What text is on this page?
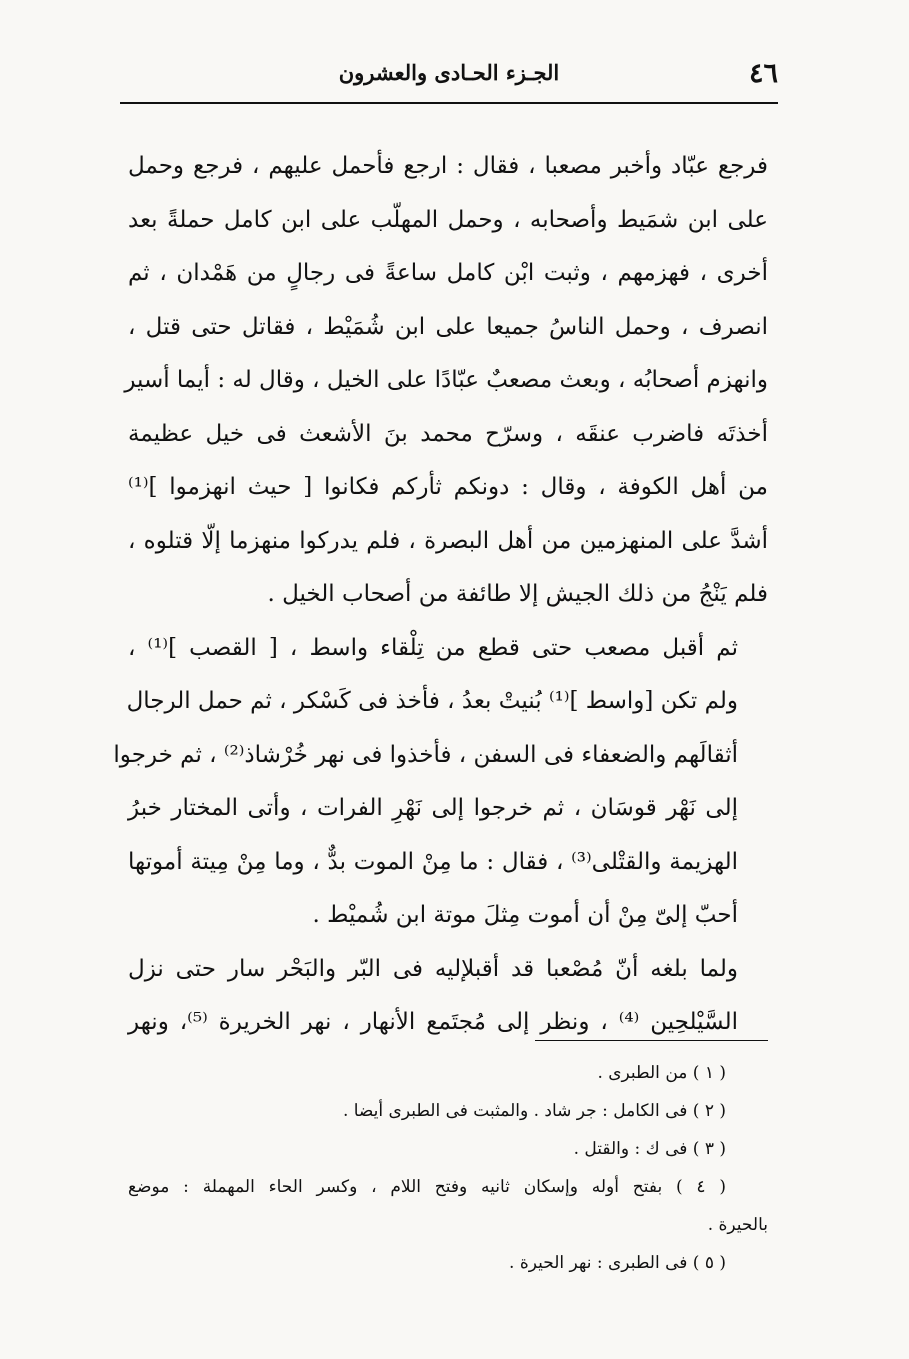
٤٦
الجـزء الحـادى والعشرون

فرجع عبّاد وأخبر مصعبا ، فقال : ارجع فأحمل عليهم ، فرجع وحمل
على ابن شمَيط وأصحابه ، وحمل المهلّب على ابن كامل حملةً بعد
أخرى ، فهزمهم ، وثبت ابْن كامل ساعةً فى رجالٍ من هَمْدان ، ثم
انصرف ، وحمل الناسُ جميعا على ابن شُمَيْط ، فقاتل حتى قتل ،
وانهزم أصحابُه ، وبعث مصعبٌ عبّادًا على الخيل ، وقال له : أيما أسير
أخذتَه فاضرب عنقَه ، وسرّح محمد بنَ الأشعث فى خيل عظيمة
من أهل الكوفة ، وقال : دونكم ثأركم فكانوا [ حيث انهزموا ]⁽¹⁾
أشدَّ على المنهزمين من أهل البصرة ، فلم يدركوا منهزما إلّا قتلوه ،
فلم يَنْجُ من ذلك الجيش إلا طائفة من أصحاب الخيل .

ثم أقبل مصعب حتى قطع من تِلْقاء واسط ، [ القصب ]⁽¹⁾ ،
ولم تكن [واسط ]⁽¹⁾ بُنيتْ بعدُ ، فأخذ فى كَسْكر ، ثم حمل الرجال
أثقالَهم والضعفاء فى السفن ، فأخذوا فى نهر خُرْشاذ⁽²⁾ ، ثم خرجوا
إلى نَهْر قوسَان ، ثم خرجوا إلى نَهْرِ الفرات ، وأتى المختار خبرُ
الهزيمة والقتْلى⁽³⁾ ، فقال : ما مِنْ الموت بدٌّ ، وما مِنْ مِيتة أموتها
أحبّ إلىّ مِنْ أن أموت مِثلَ موتة ابن شُميْط .

ولما بلغه أنّ مُصْعبا قد أقبلإليه فى البّر والبَحْر سار حتى نزل
السَّيْلحِين ⁽⁴⁾ ، ونظر إلى مُجتَمع الأنهار ، نهر الخريرة ⁽⁵⁾، ونهر

( ١ ) من الطبرى .

( ٢ ) فى الكامل : جر شاد . والمثبت فى الطبرى أيضا .

( ٣ ) فى ك : والقتل .

( ٤ ) بفتح أوله وإسكان ثانيه وفتح اللام ، وكسر الحاء المهملة : موضع
بالحيرة .

( ٥ ) فى الطبرى : نهر الحيرة .
